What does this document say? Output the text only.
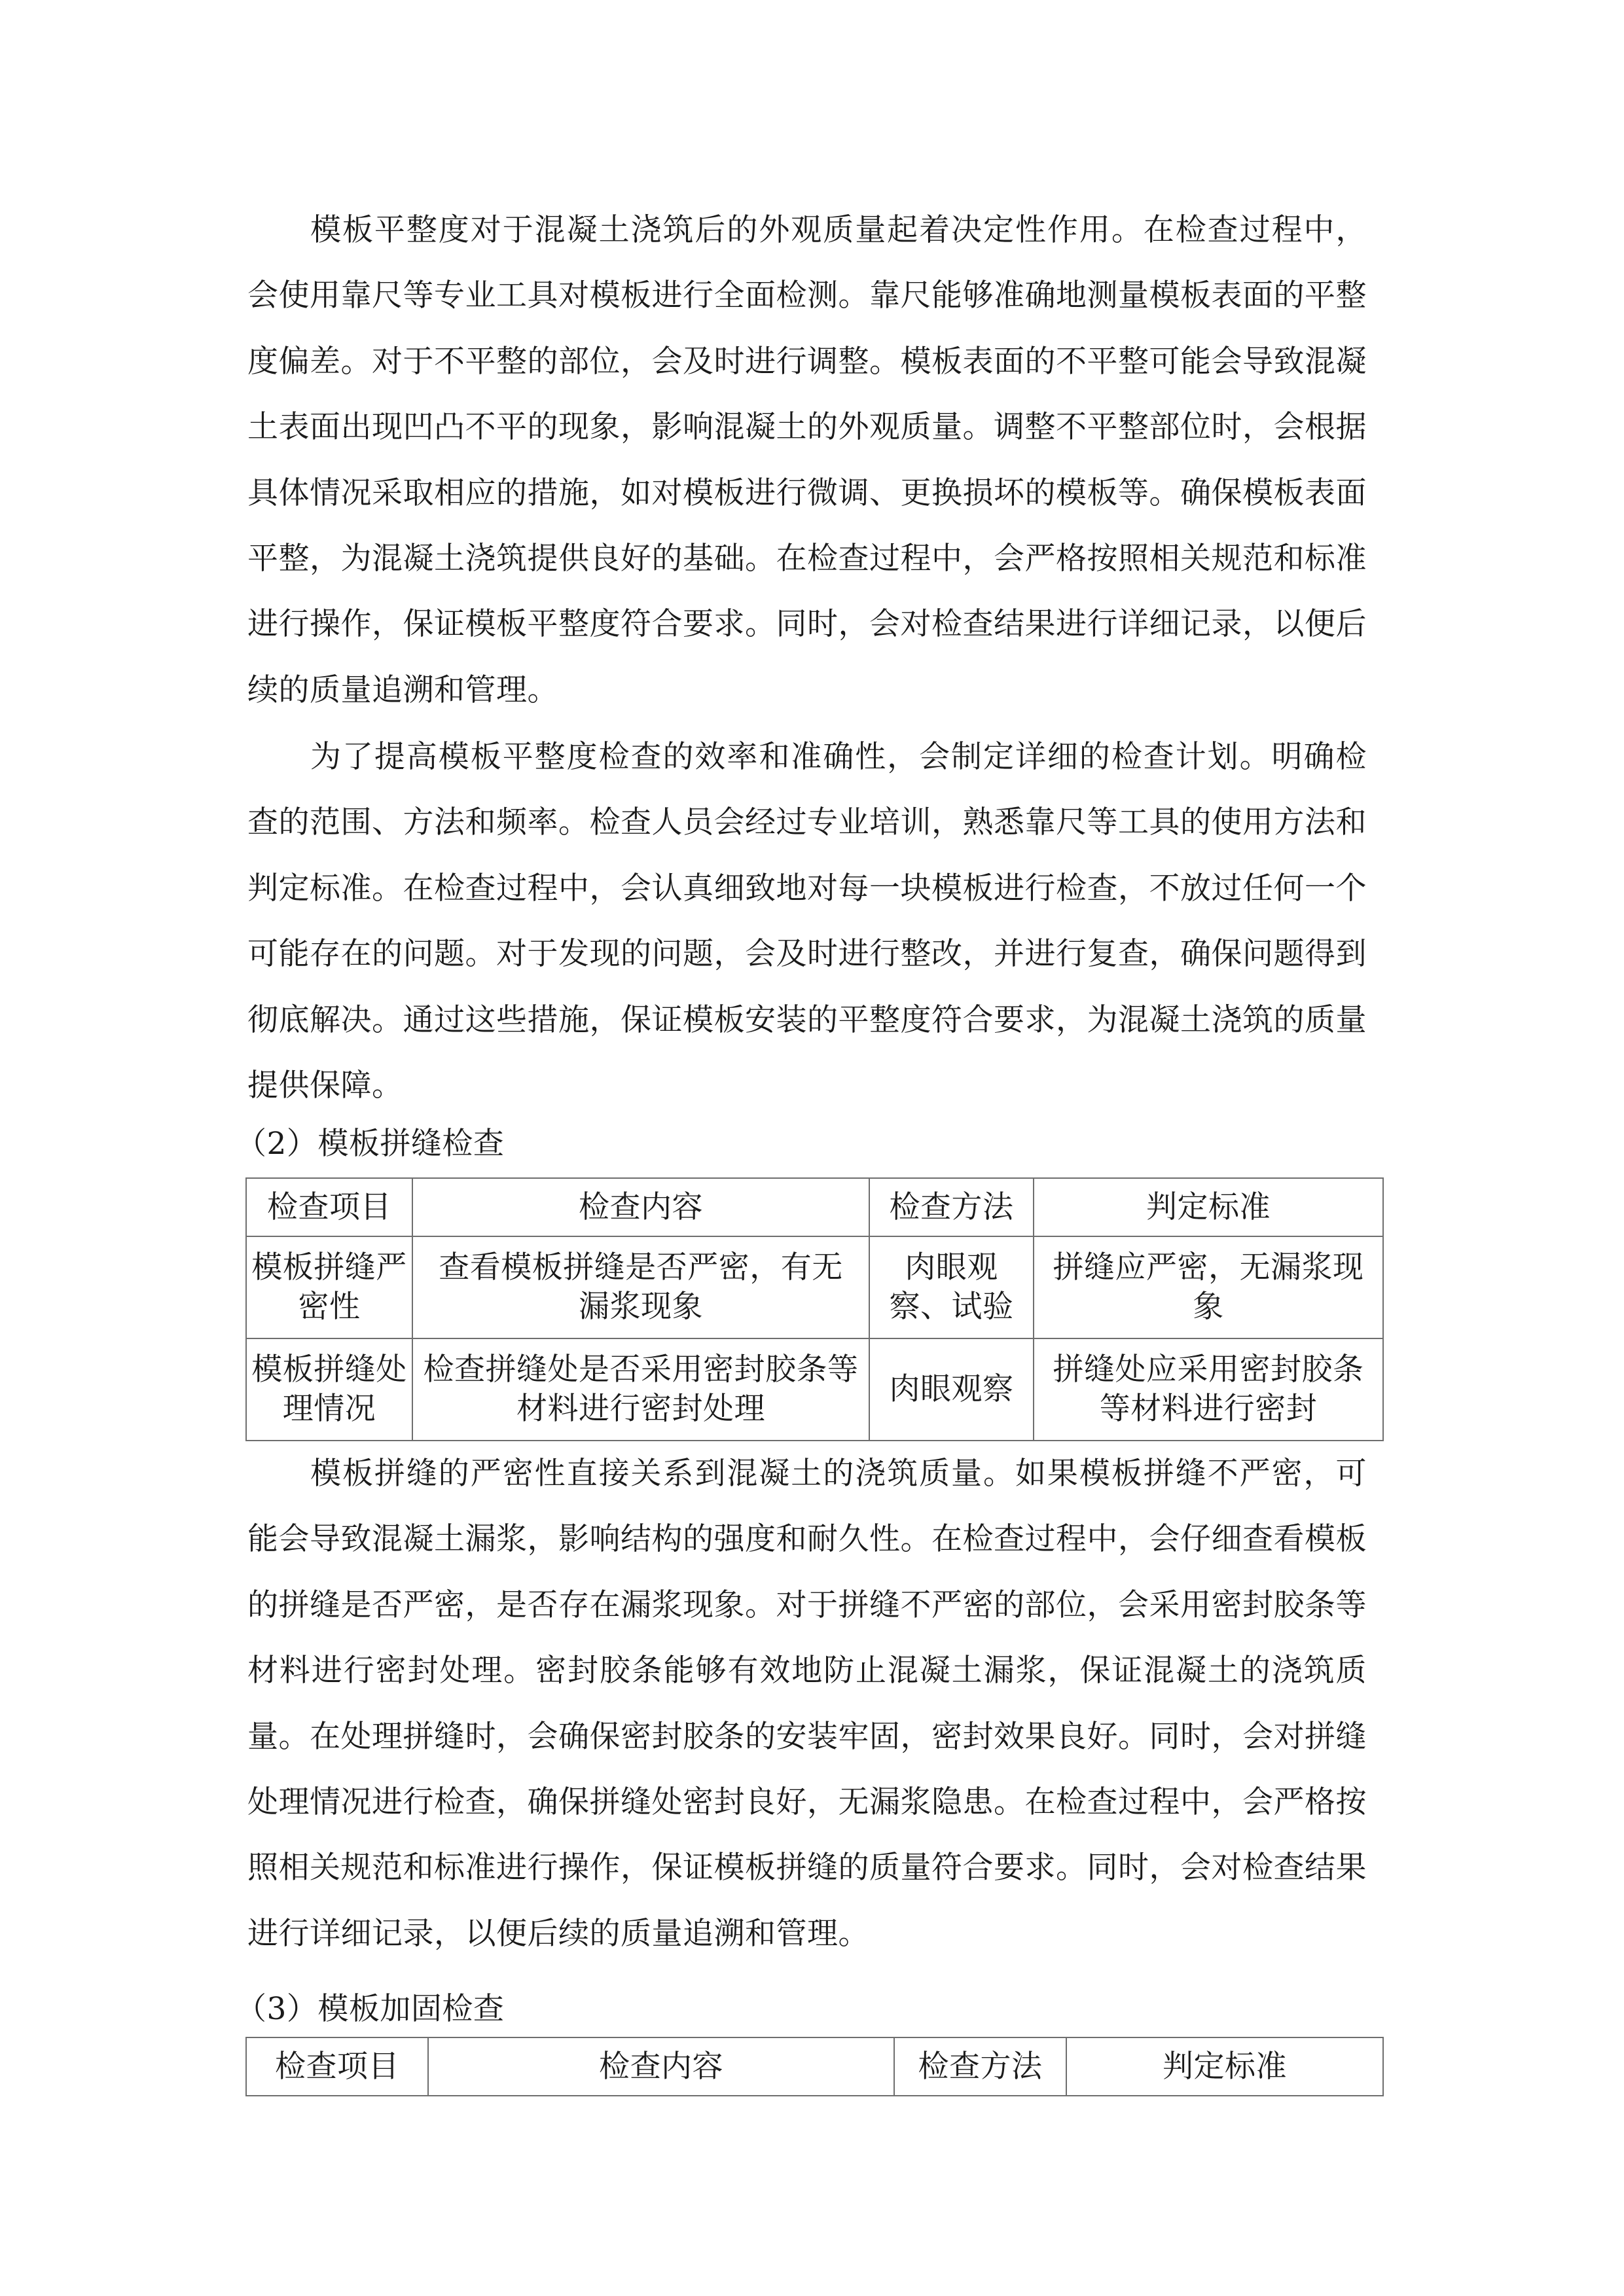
模板平整度对于混凝土浇筑后的外观质量起着决定性作用。在检查过程中，会使用靠尺等专业工具对模板进行全面检测。靠尺能够准确地测量模板表面的平整度偏差。对于不平整的部位，会及时进行调整。模板表面的不平整可能会导致混凝土表面出现凹凸不平的现象，影响混凝土的外观质量。调整不平整部位时，会根据具体情况采取相应的措施，如对模板进行微调、更换损坏的模板等。确保模板表面平整，为混凝土浇筑提供良好的基础。在检查过程中，会严格按照相关规范和标准进行操作，保证模板平整度符合要求。同时，会对检查结果进行详细记录，以便后续的质量追溯和管理。

为了提高模板平整度检查的效率和准确性，会制定详细的检查计划。明确检查的范围、方法和频率。检查人员会经过专业培训，熟悉靠尺等工具的使用方法和判定标准。在检查过程中，会认真细致地对每一块模板进行检查，不放过任何一个可能存在的问题。对于发现的问题，会及时进行整改，并进行复查，确保问题得到彻底解决。通过这些措施，保证模板安装的平整度符合要求，为混凝土浇筑的质量提供保障。

（2）模板拼缝检查
检查项目	检查内容	检查方法	判定标准
模板拼缝严密性	查看模板拼缝是否严密，有无漏浆现象	肉眼观察、试验	拼缝应严密，无漏浆现象
模板拼缝处理情况	检查拼缝处是否采用密封胶条等材料进行密封处理	肉眼观察	拼缝处应采用密封胶条等材料进行密封

模板拼缝的严密性直接关系到混凝土的浇筑质量。如果模板拼缝不严密，可能会导致混凝土漏浆，影响结构的强度和耐久性。在检查过程中，会仔细查看模板的拼缝是否严密，是否存在漏浆现象。对于拼缝不严密的部位，会采用密封胶条等材料进行密封处理。密封胶条能够有效地防止混凝土漏浆，保证混凝土的浇筑质量。在处理拼缝时，会确保密封胶条的安装牢固，密封效果良好。同时，会对拼缝处理情况进行检查，确保拼缝处密封良好，无漏浆隐患。在检查过程中，会严格按照相关规范和标准进行操作，保证模板拼缝的质量符合要求。同时，会对检查结果进行详细记录，以便后续的质量追溯和管理。

（3）模板加固检查
检查项目	检查内容	检查方法	判定标准
